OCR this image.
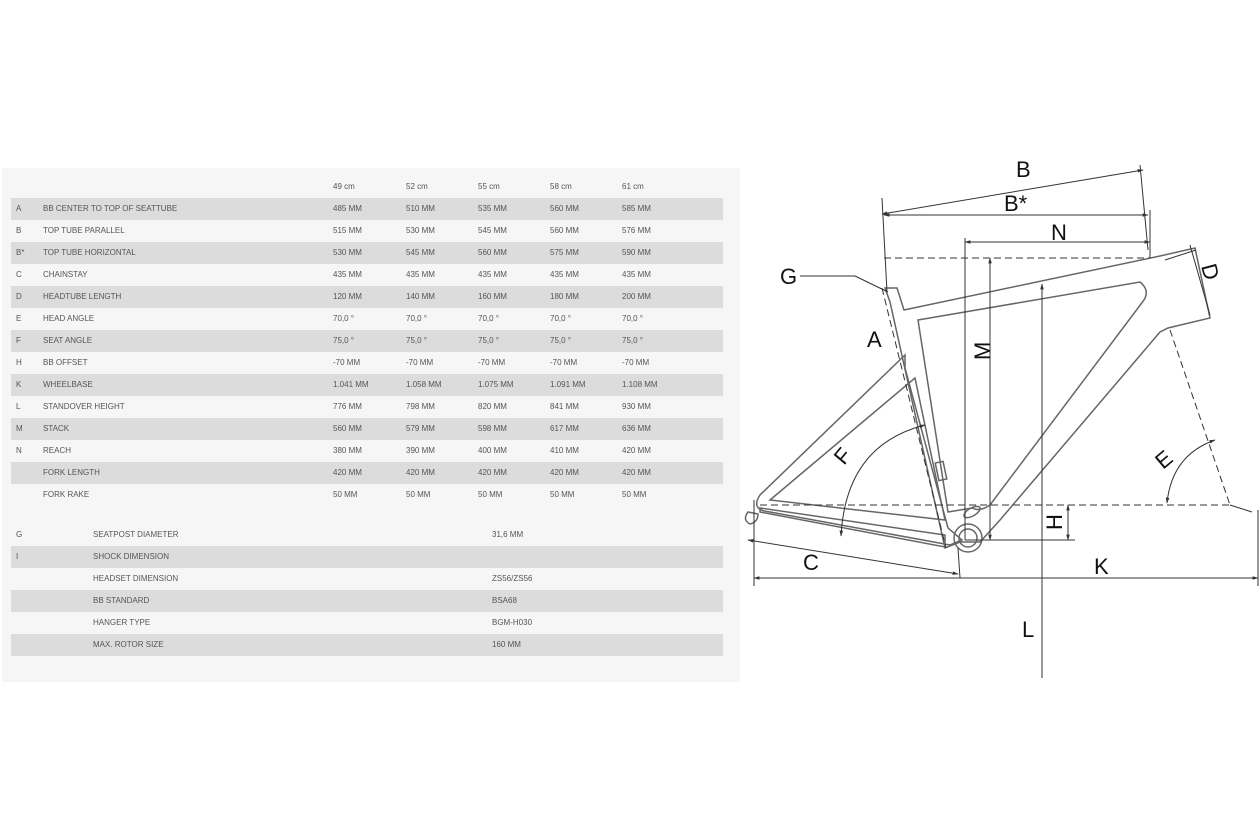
49 cm	52 cm	55 cm	58 cm	61 cm
A	BB CENTER TO TOP OF SEATTUBE	485 MM	510 MM	535 MM	560 MM	585 MM
B	TOP TUBE PARALLEL	515 MM	530 MM	545 MM	560 MM	576 MM
B* TOP TUBE HORIZONTAL	530 MM	545 MM	560 MM	575 MM	590 MM
C	CHAINSTAY	435 MM	435 MM	435 MM	435 MM	435 MM
D	HEADTUBE LENGTH	120 MM	140 MM	160 MM	180 MM	200 MM
E	HEAD ANGLE	70,0 °	70,0 °	70,0 °	70,0 °	70,0 °
F	SEAT ANGLE	75,0 °	75,0 °	75,0 °	75,0 °	75,0 °
H	BB OFFSET	-70 MM	-70 MM	-70 MM	-70 MM	-70 MM
K	WHEELBASE	1.041 MM	1.058 MM	1.075 MM	1.091 MM	1.108 MM
L	STANDOVER HEIGHT	776 MM	798 MM	820 MM	841 MM	930 MM
M	STACK	560 MM	579 MM	598 MM	617 MM	636 MM
N	REACH	380 MM	390 MM	400 MM	410 MM	420 MM
FORK LENGTH	420 MM	420 MM	420 MM	420 MM	420 MM
FORK RAKE	50 MM	50 MM	50 MM	50 MM	50 MM
G	SEATPOST DIAMETER	31,6 MM
I	SHOCK DIMENSION
HEADSET DIMENSION	ZS56/ZS56
BB STANDARD	BSA68
HANGER TYPE	BGM-H030
MAX. ROTOR SIZE	160 MM
B
B*
N
G	D
A	M
F	E
H
C	K
L
